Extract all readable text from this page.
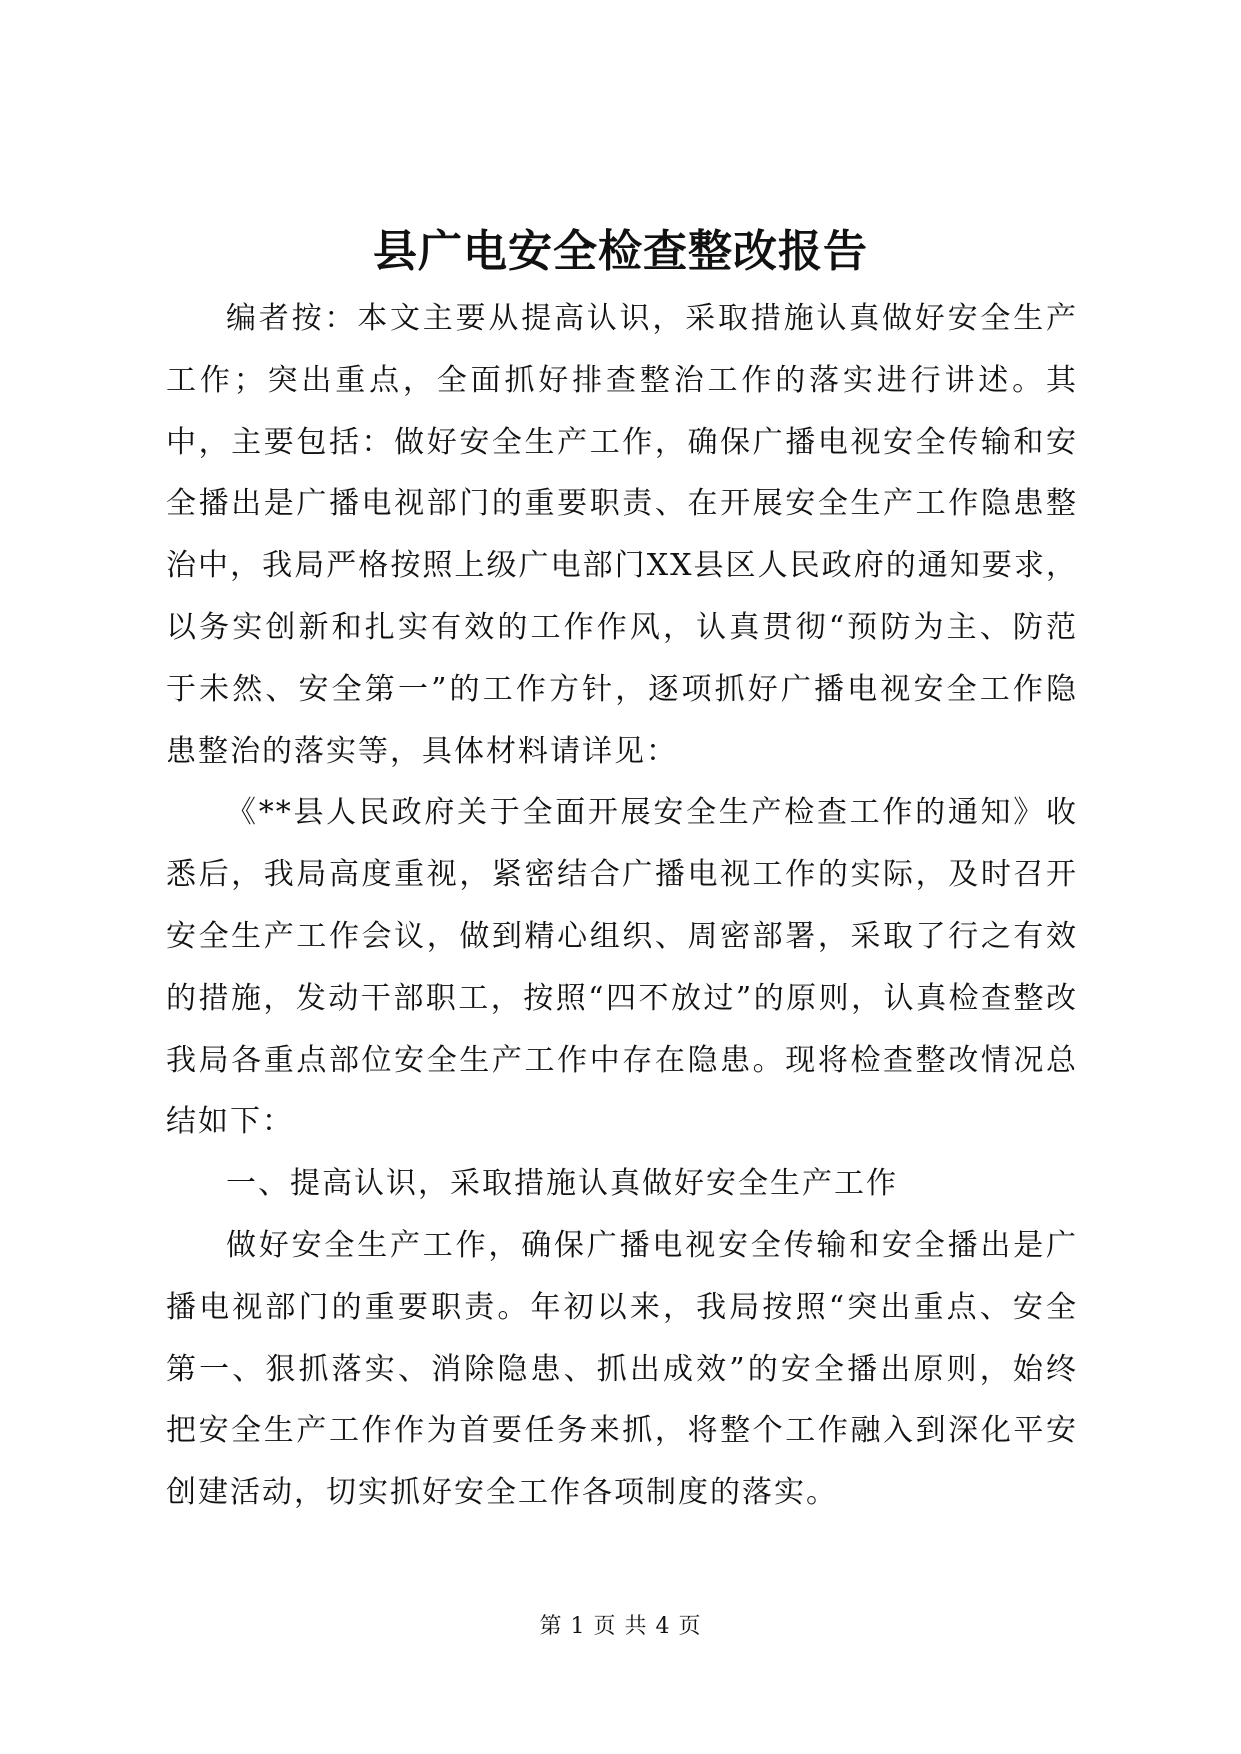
县广电安全检查整改报告

编者按：本文主要从提高认识，采取措施认真做好安全生产工作；突出重点，全面抓好排查整治工作的落实进行讲述。其中，主要包括：做好安全生产工作，确保广播电视安全传输和安全播出是广播电视部门的重要职责、在开展安全生产工作隐患整治中，我局严格按照上级广电部门XX县区人民政府的通知要求，以务实创新和扎实有效的工作作风，认真贯彻“预防为主、防范于未然、安全第一”的工作方针，逐项抓好广播电视安全工作隐患整治的落实等，具体材料请详见：

《**县人民政府关于全面开展安全生产检查工作的通知》收悉后，我局高度重视，紧密结合广播电视工作的实际，及时召开安全生产工作会议，做到精心组织、周密部署，采取了行之有效的措施，发动干部职工，按照“四不放过”的原则，认真检查整改我局各重点部位安全生产工作中存在隐患。现将检查整改情况总结如下：

一、提高认识，采取措施认真做好安全生产工作

做好安全生产工作，确保广播电视安全传输和安全播出是广播电视部门的重要职责。年初以来，我局按照“突出重点、安全第一、狠抓落实、消除隐患、抓出成效”的安全播出原则，始终把安全生产工作作为首要任务来抓，将整个工作融入到深化平安创建活动，切实抓好安全工作各项制度的落实。

第 1 页 共 4 页
